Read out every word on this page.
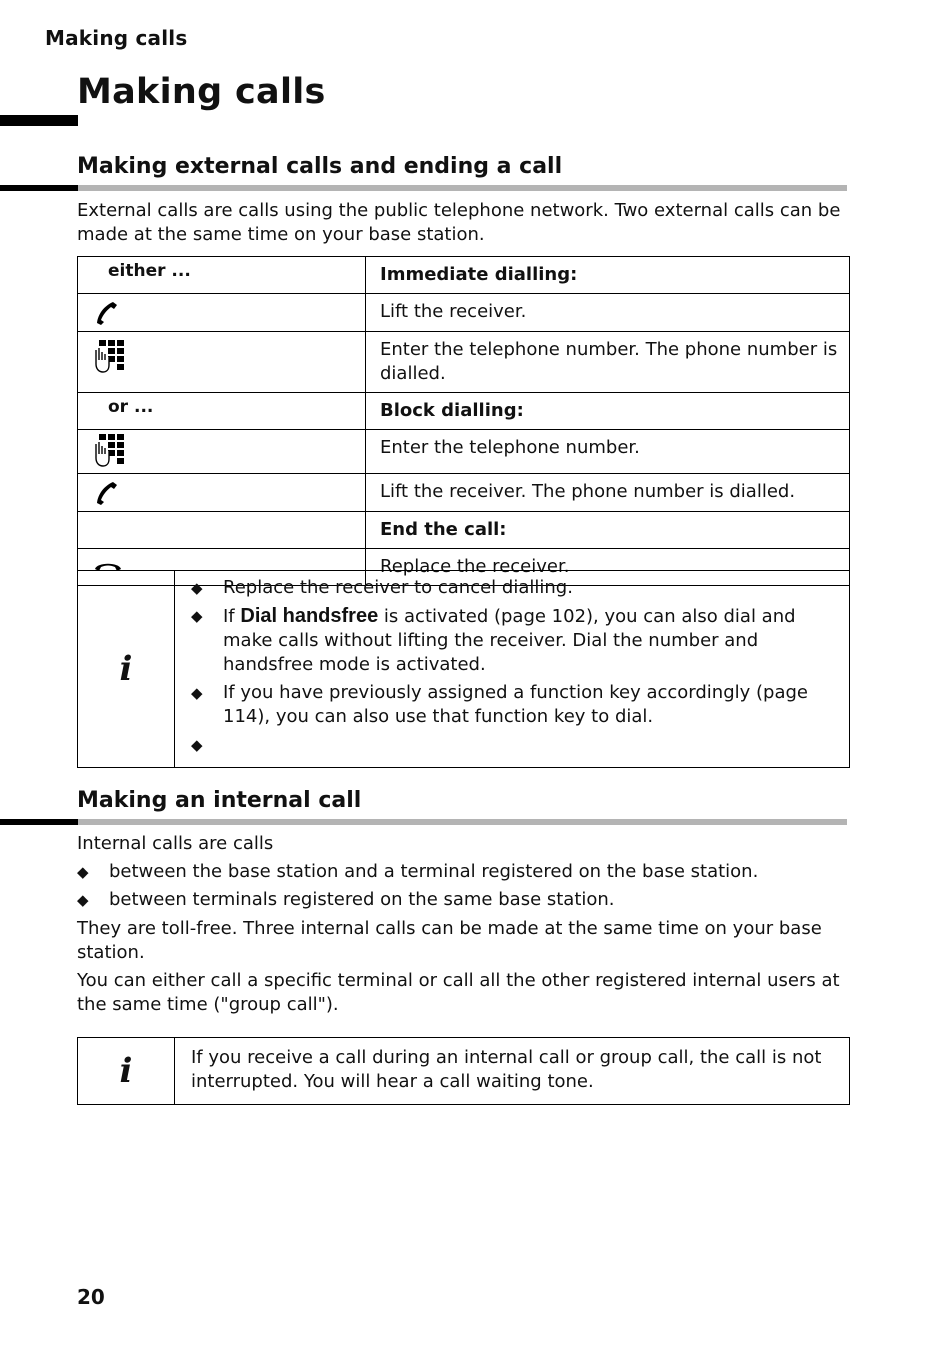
Making calls
Making calls
Making external calls and ending a call

External calls are calls using the public telephone network. Two external calls can be made at the same time on your base station.

either ...	Immediate dialling:

	Lift the receiver.

	Enter the telephone number. The phone number is dialled.

or ...	Block dialling:

	Enter the telephone number.

	Lift the receiver. The phone number is dialled.

	End the call:

	Replace the receiver.
i
◆ Replace the receiver to cancel dialling.
◆ If Dial handsfree is activated (page 102), you can also dial and make calls without lifting the receiver. Dial the number and handsfree mode is activated.
◆ If you have previously assigned a function key accordingly (page 114), you can also use that function key to dial.
◆
Making an internal call

Internal calls are calls

◆ between the base station and a terminal registered on the base station.
◆ between terminals registered on the same base station.

They are toll-free. Three internal calls can be made at the same time on your base station.

You can either call a specific terminal or call all the other registered internal users at the same time ("group call").

i	If you receive a call during an internal call or group call, the call is not interrupted. You will hear a call waiting tone.
20
